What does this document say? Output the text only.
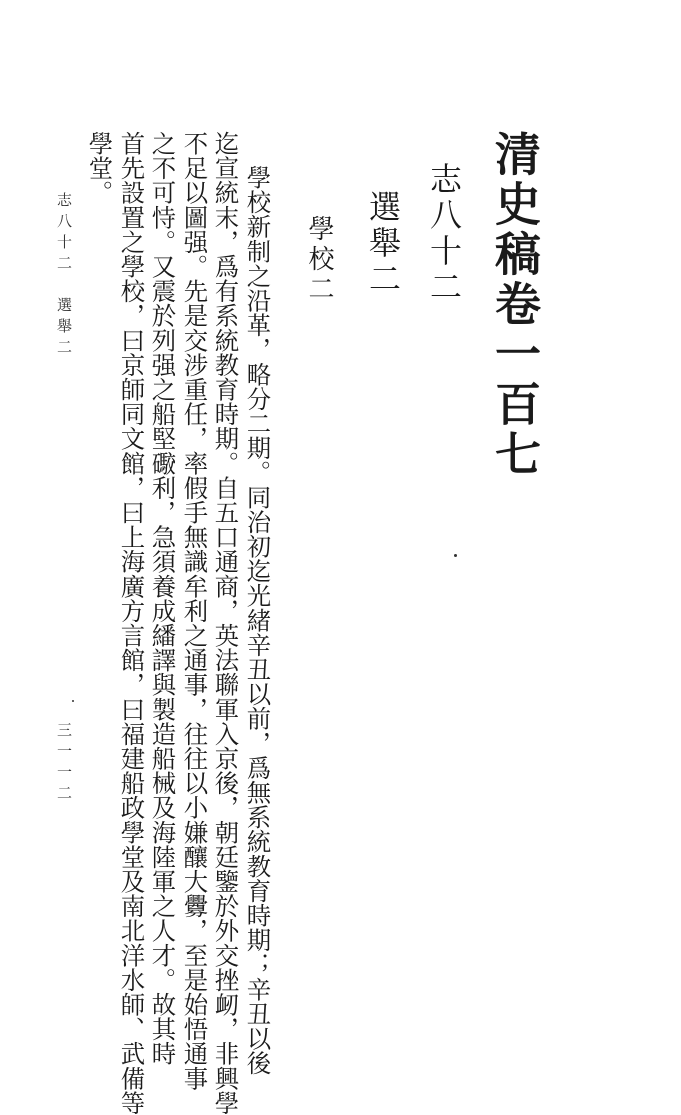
清史稿卷一百七
志八十二
選舉二
學校二
學校新制之沿革，略分二期。同治初迄光緒辛丑以前，爲無系統教育時期；辛丑以後
迄宣統末，爲有系統教育時期。自五口通商，英法聯軍入京後，朝廷鑒於外交挫衂，非興學
不足以圖强。先是交涉重任，率假手無識牟利之通事，往往以小嫌釀大釁，至是始悟通事
之不可恃。又震於列强之船堅礮利，急須養成繙譯與製造船械及海陸軍之人才。故其時
首先設置之學校，曰京師同文館，曰上海廣方言館，曰福建船政學堂及南北洋水師、武備等
學堂。
志八十二　選舉二
三一一二
